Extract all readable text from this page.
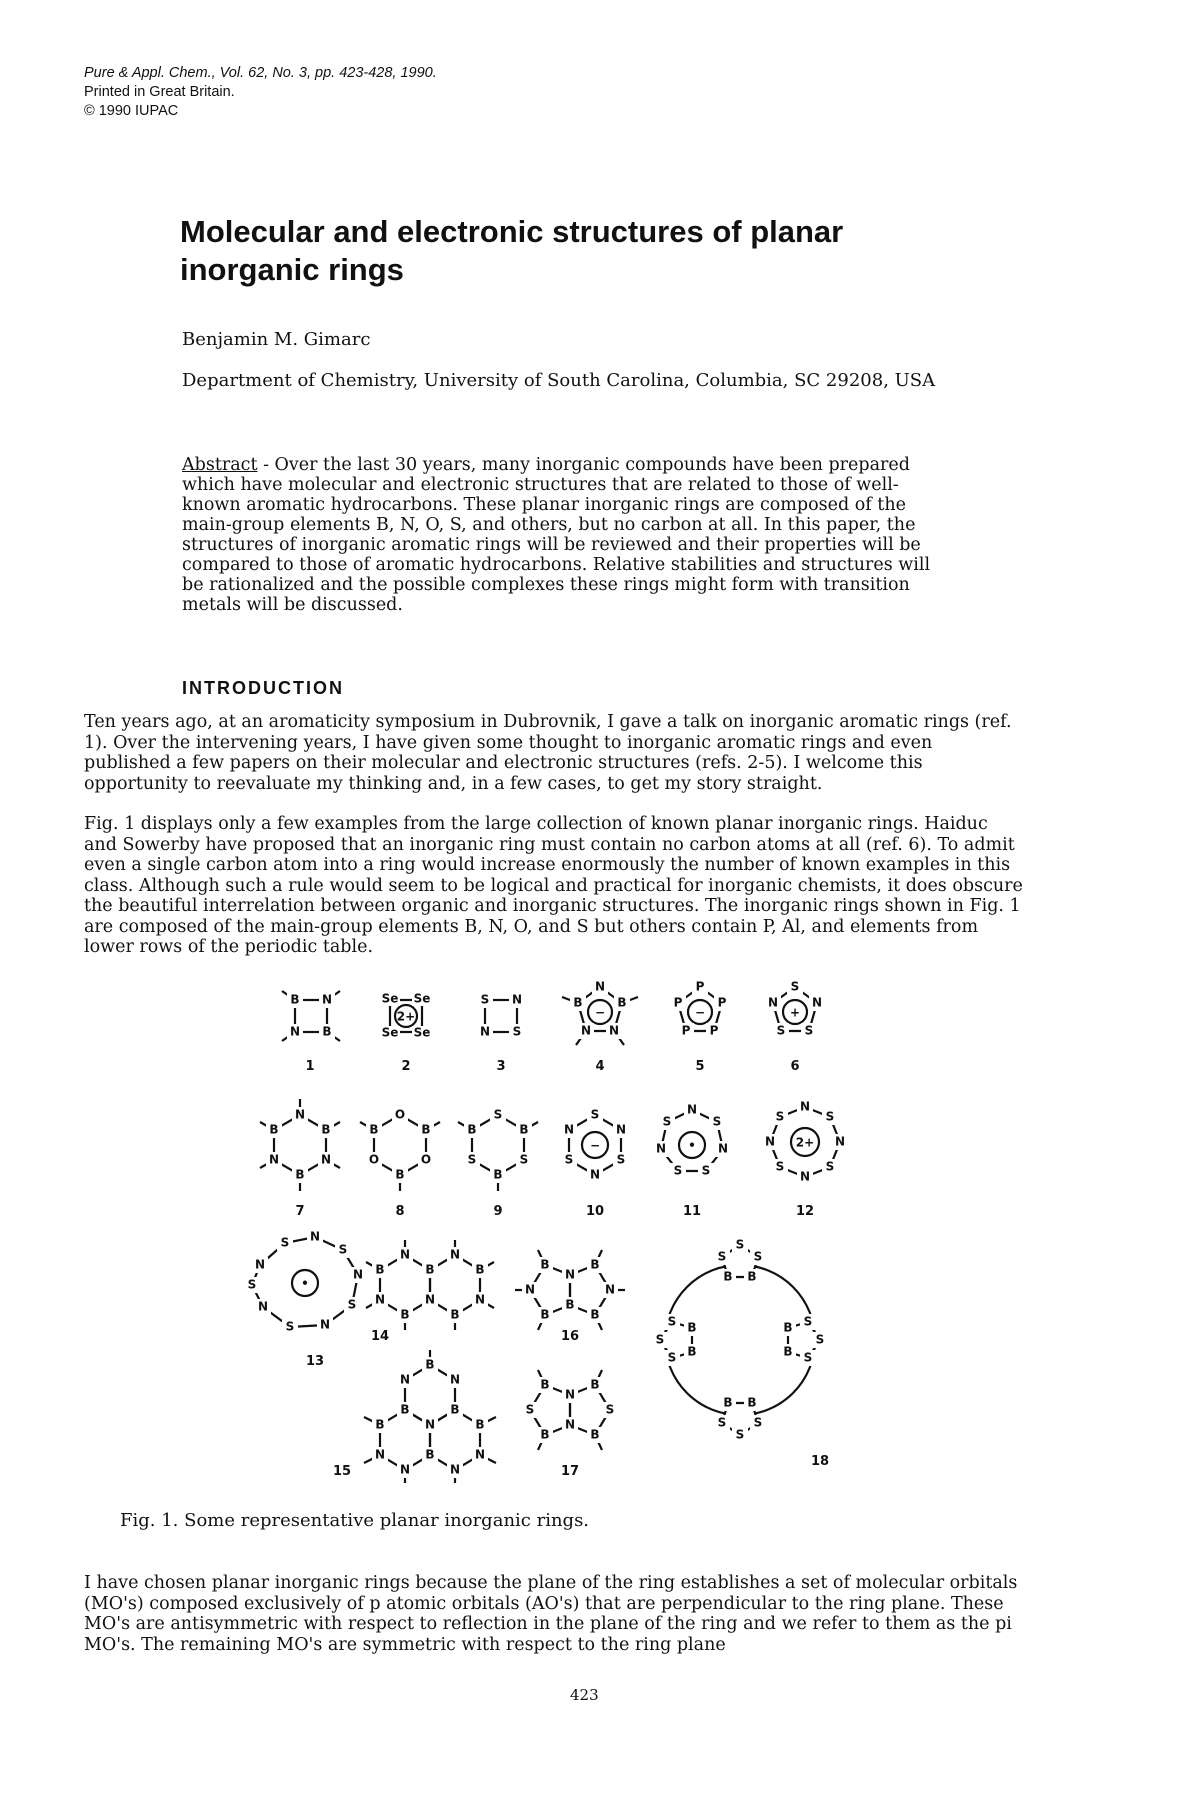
Pure & Appl. Chem., Vol. 62, No. 3, pp. 423-428, 1990.
Printed in Great Britain.
© 1990 IUPAC
Molecular and electronic structures of planar inorganic rings
Benjamin M. Gimarc
Department of Chemistry, University of South Carolina, Columbia, SC 29208, USA
Abstract - Over the last 30 years, many inorganic compounds have been prepared which have molecular and electronic structures that are related to those of well-known aromatic hydrocarbons. These planar inorganic rings are composed of the main-group elements B, N, O, S, and others, but no carbon at all. In this paper, the structures of inorganic aromatic rings will be reviewed and their properties will be compared to those of aromatic hydrocarbons. Relative stabilities and structures will be rationalized and the possible complexes these rings might form with transition metals will be discussed.
INTRODUCTION
Ten years ago, at an aromaticity symposium in Dubrovnik, I gave a talk on inorganic aromatic rings (ref. 1). Over the intervening years, I have given some thought to inorganic aromatic rings and even published a few papers on their molecular and electronic structures (refs. 2-5). I welcome this opportunity to reevaluate my thinking and, in a few cases, to get my story straight.
Fig. 1 displays only a few examples from the large collection of known planar inorganic rings. Haiduc and Sowerby have proposed that an inorganic ring must contain no carbon atoms at all (ref. 6). To admit even a single carbon atom into a ring would increase enormously the number of known examples in this class. Although such a rule would seem to be logical and practical for inorganic chemists, it does obscure the beautiful interrelation between organic and inorganic structures. The inorganic rings shown in Fig. 1 are composed of the main-group elements B, N, O, and S but others contain P, Al, and elements from lower rows of the periodic table.
B N
N B
1
2+
Se Se
Se Se
2
S N
N S
3
−
N
B	B
N N
4
−
P
P	P
P P
5
+
S
N	N
S S
6
N
B
N
B
N
B
7
O
B
O
B
O
B
8
S
B
S
B
S
B
9
−
S
N
S
N
S
N
10
•
N
S
N
S
S
N
S
11
2+
N
S
N
S
N
S
N
S
12
•
S N
S
N
S
N
S
N
S
N
13
N	N
B
N
B	B
N	N
B	B
14
B
N
N
B
B
N
B	B
B
N	N
N	N
15
N
B
B	B
N	N
B	B
16
N
N
B	B
S	S
B	B
17
S
S
S
B
B
S
S
S
B
B
S
S
S
B
B
S
S
S
B
B
18
Fig. 1. Some representative planar inorganic rings.
I have chosen planar inorganic rings because the plane of the ring establishes a set of molecular orbitals (MO's) composed exclusively of p atomic orbitals (AO's) that are perpendicular to the ring plane. These MO's are antisymmetric with respect to reflection in the plane of the ring and we refer to them as the pi MO's. The remaining MO's are symmetric with respect to the ring plane
423
